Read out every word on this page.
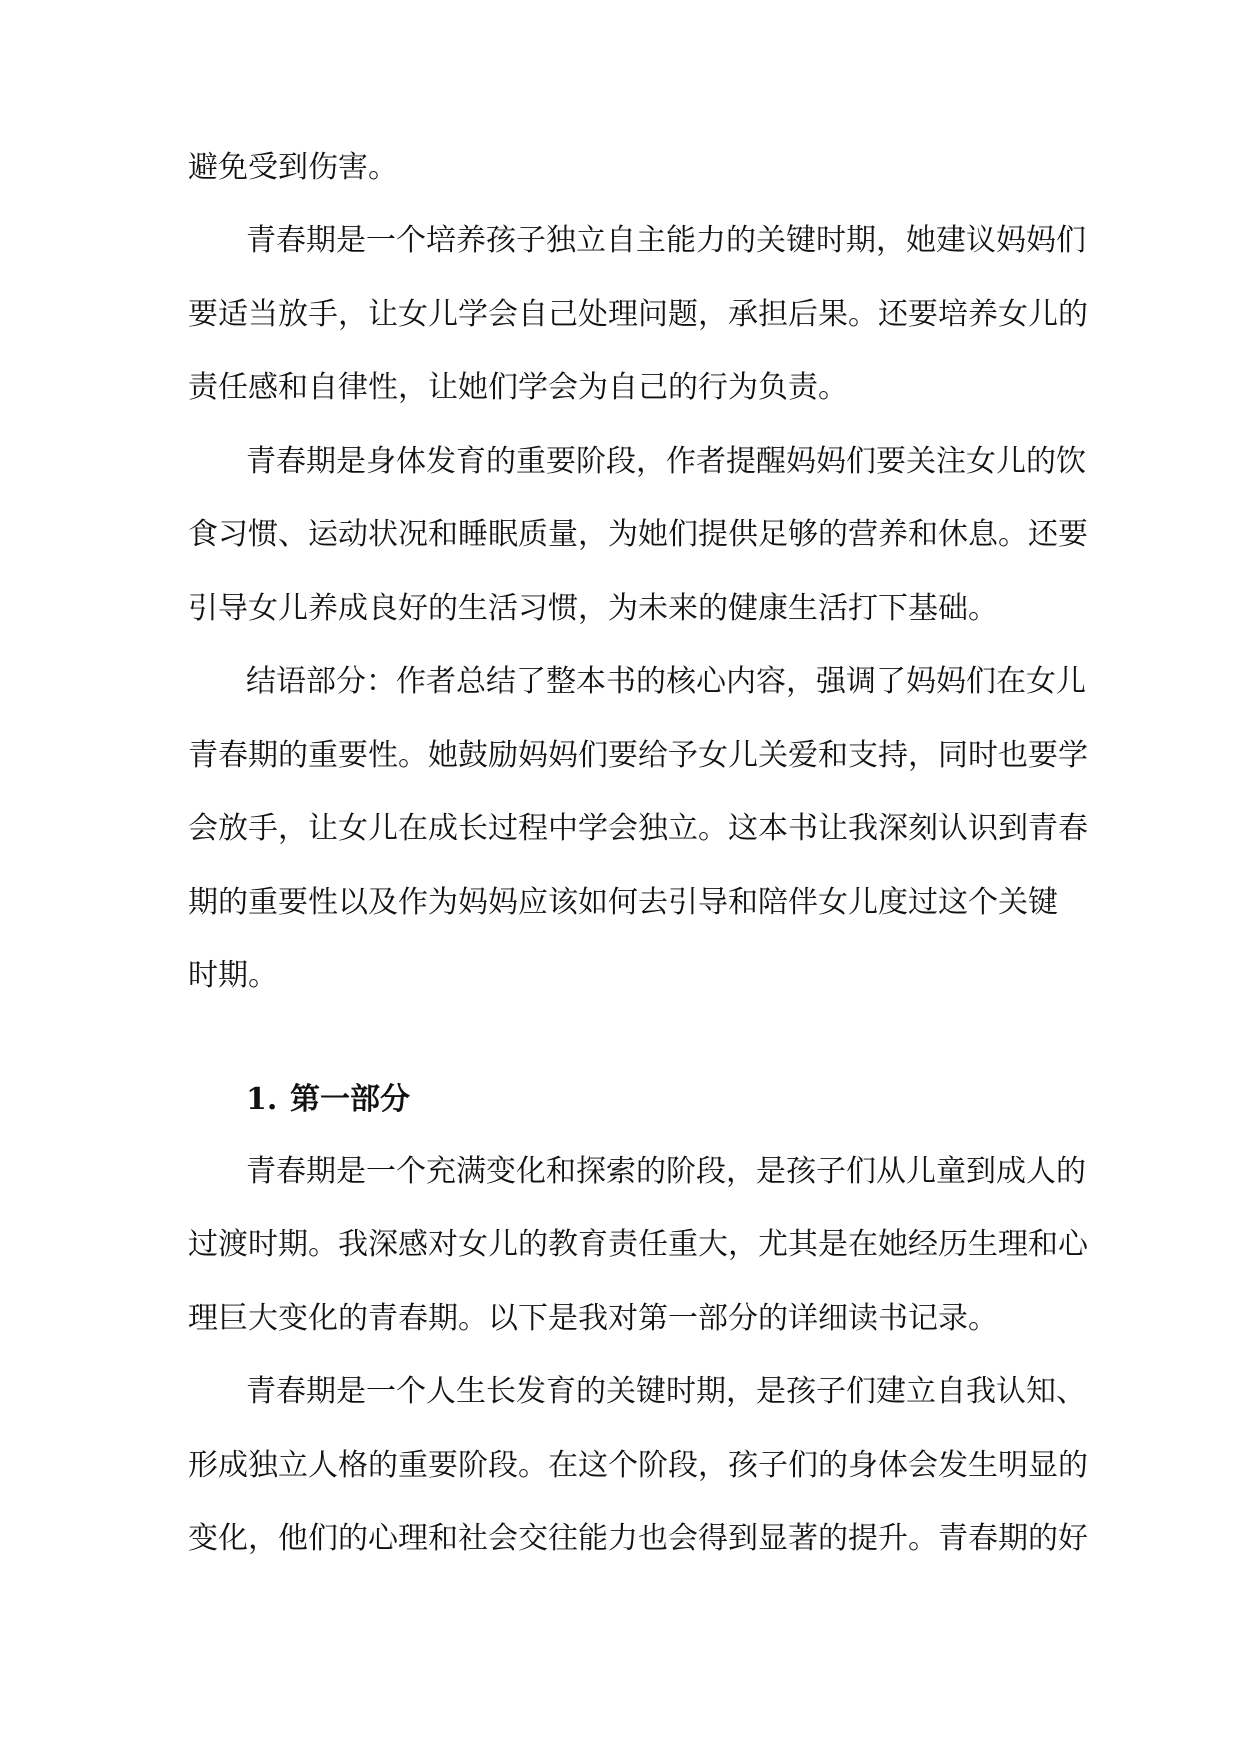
避免受到伤害。
青春期是一个培养孩子独立自主能力的关键时期，她建议妈妈们
要适当放手，让女儿学会自己处理问题，承担后果。还要培养女儿的
责任感和自律性，让她们学会为自己的行为负责。
青春期是身体发育的重要阶段，作者提醒妈妈们要关注女儿的饮
食习惯、运动状况和睡眠质量，为她们提供足够的营养和休息。还要
引导女儿养成良好的生活习惯，为未来的健康生活打下基础。
结语部分：作者总结了整本书的核心内容，强调了妈妈们在女儿
青春期的重要性。她鼓励妈妈们要给予女儿关爱和支持，同时也要学
会放手，让女儿在成长过程中学会独立。这本书让我深刻认识到青春
期的重要性以及作为妈妈应该如何去引导和陪伴女儿度过这个关键
时期。
1. 第一部分
青春期是一个充满变化和探索的阶段，是孩子们从儿童到成人的
过渡时期。我深感对女儿的教育责任重大，尤其是在她经历生理和心
理巨大变化的青春期。以下是我对第一部分的详细读书记录。
青春期是一个人生长发育的关键时期，是孩子们建立自我认知、
形成独立人格的重要阶段。在这个阶段，孩子们的身体会发生明显的
变化，他们的心理和社会交往能力也会得到显著的提升。青春期的好
